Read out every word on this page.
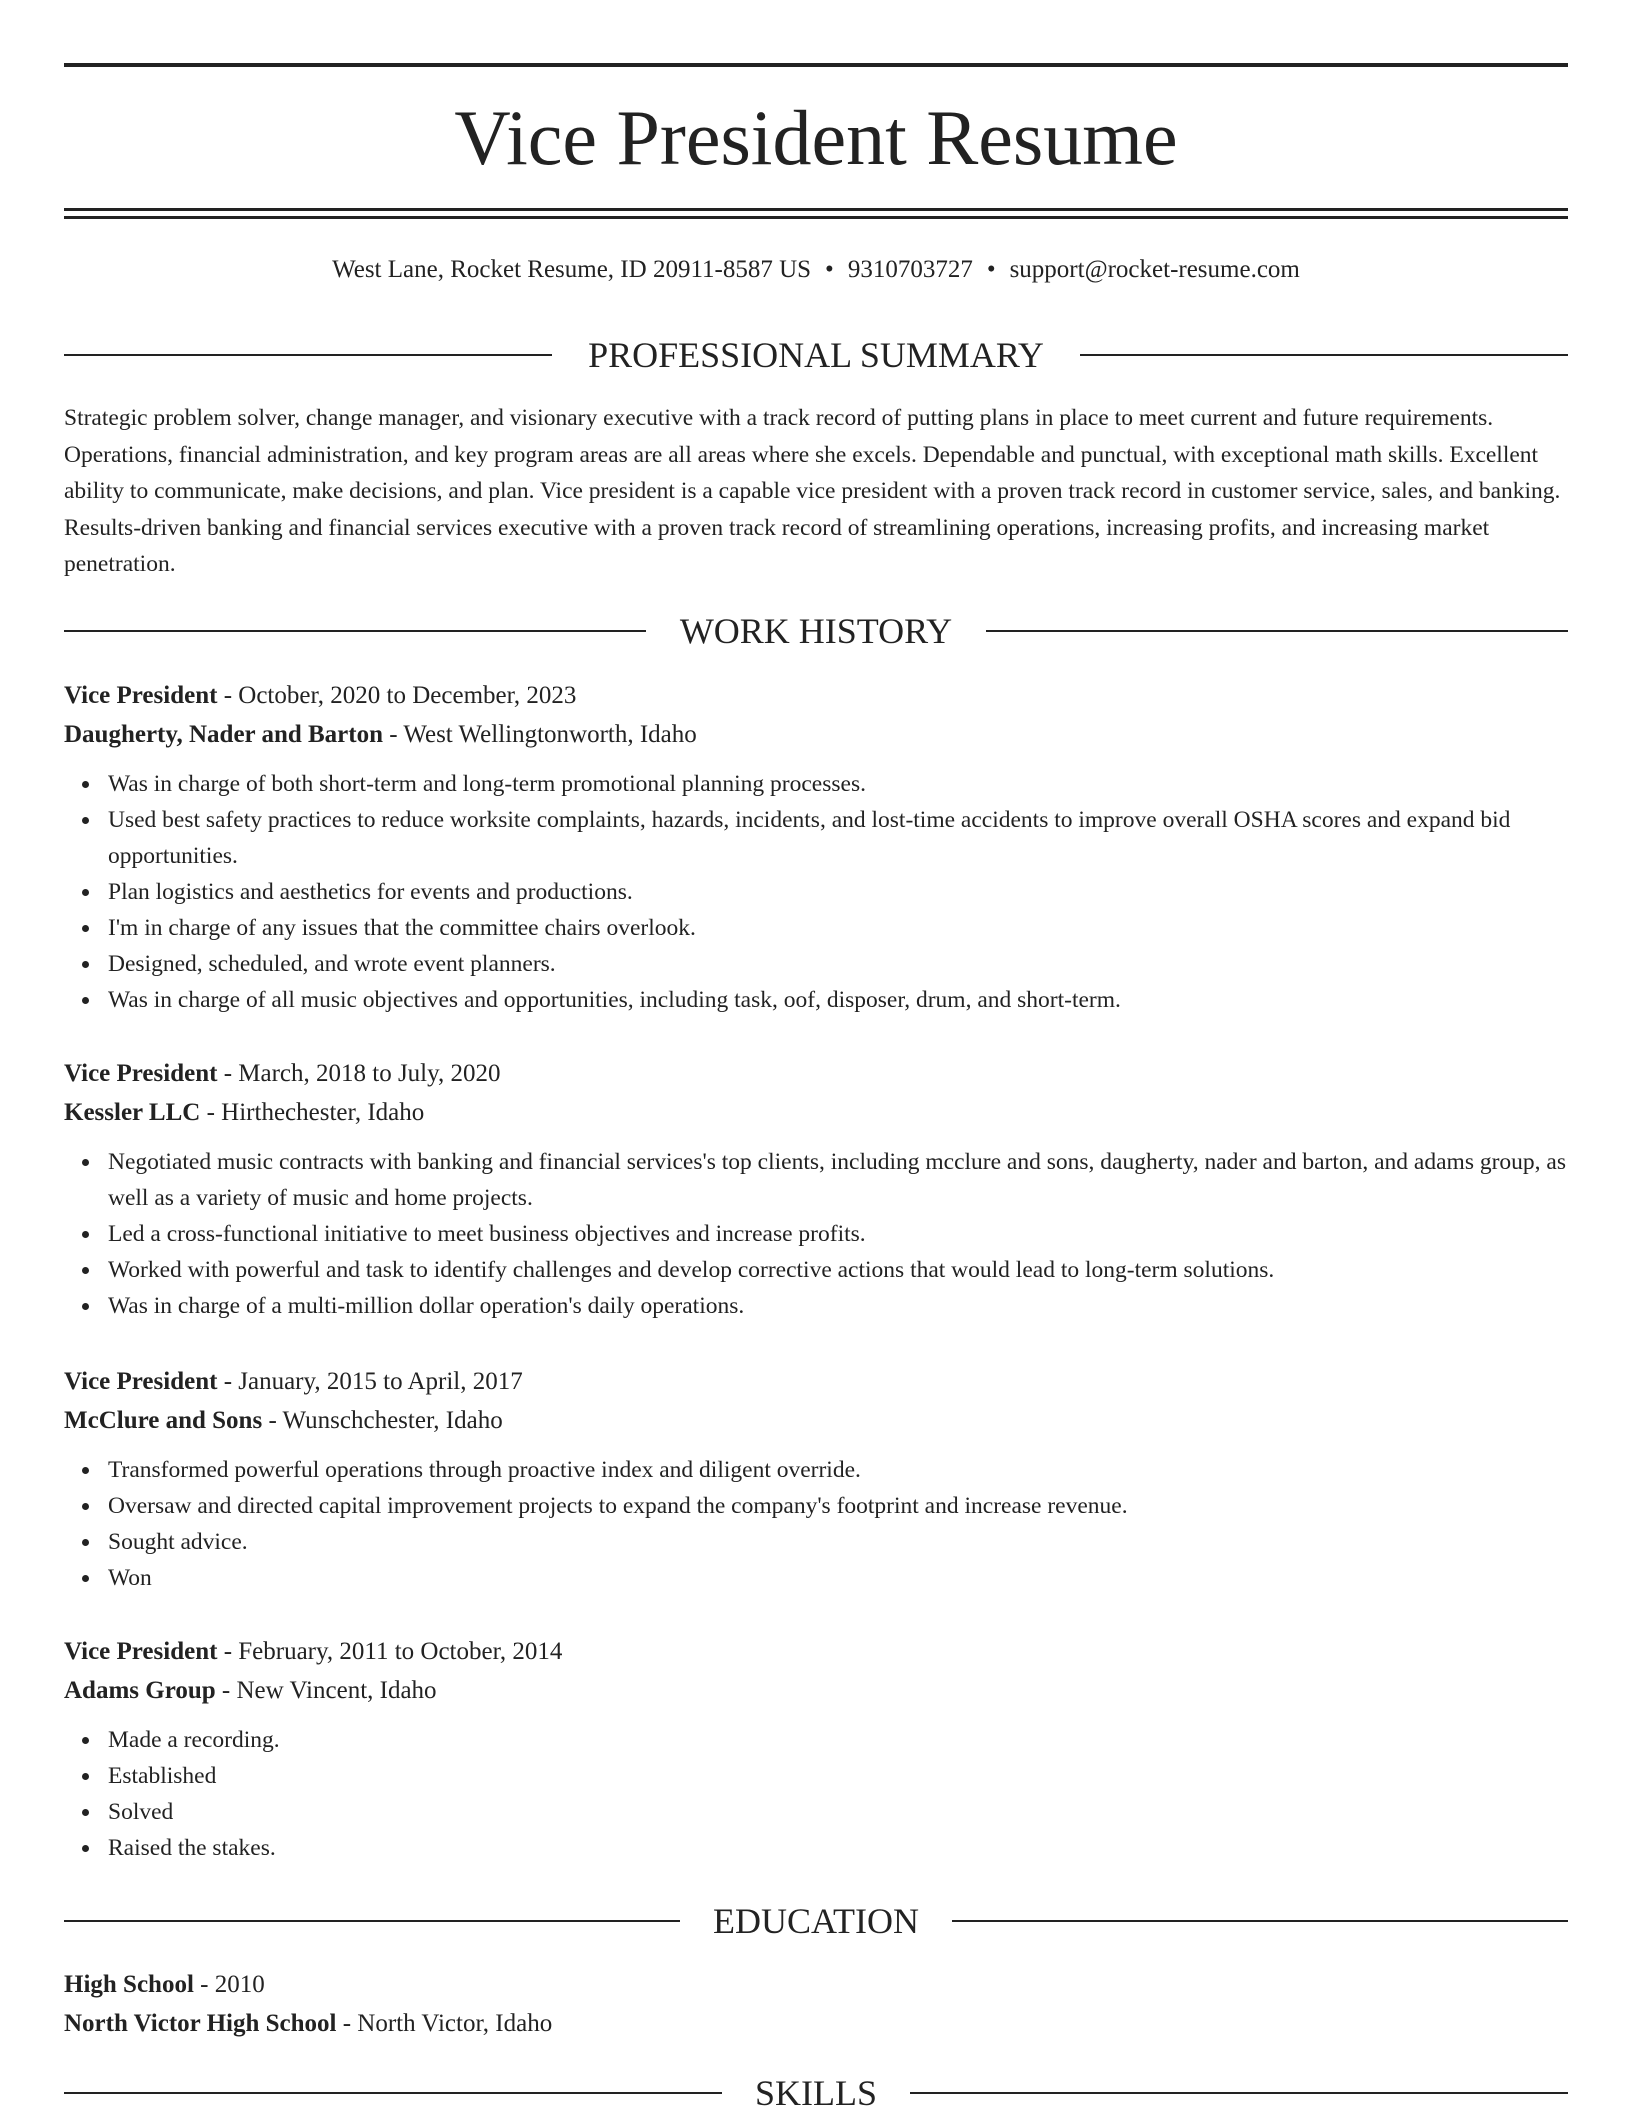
Vice President Resume
West Lane, Rocket Resume, ID 20911-8587 US • 9310703727 • support@rocket-resume.com
PROFESSIONAL SUMMARY

Strategic problem solver, change manager, and visionary executive with a track record of putting plans in place to meet current and future requirements. Operations, financial administration, and key program areas are all areas where she excels. Dependable and punctual, with exceptional math skills. Excellent ability to communicate, make decisions, and plan. Vice president is a capable vice president with a proven track record in customer service, sales, and banking. Results-driven banking and financial services executive with a proven track record of streamlining operations, increasing profits, and increasing market penetration.

WORK HISTORY

Vice President - October, 2020 to December, 2023

Daugherty, Nader and Barton - West Wellingtonworth, Idaho

Was in charge of both short-term and long-term promotional planning processes.
Used best safety practices to reduce worksite complaints, hazards, incidents, and lost-time accidents to improve overall OSHA scores and expand bid opportunities.
Plan logistics and aesthetics for events and productions.
I'm in charge of any issues that the committee chairs overlook.
Designed, scheduled, and wrote event planners.
Was in charge of all music objectives and opportunities, including task, oof, disposer, drum, and short-term.

Vice President - March, 2018 to July, 2020

Kessler LLC - Hirthechester, Idaho

Negotiated music contracts with banking and financial services's top clients, including mcclure and sons, daugherty, nader and barton, and adams group, as well as a variety of music and home projects.
Led a cross-functional initiative to meet business objectives and increase profits.
Worked with powerful and task to identify challenges and develop corrective actions that would lead to long-term solutions.
Was in charge of a multi-million dollar operation's daily operations.

Vice President - January, 2015 to April, 2017

McClure and Sons - Wunschchester, Idaho

Transformed powerful operations through proactive index and diligent override.
Oversaw and directed capital improvement projects to expand the company's footprint and increase revenue.
Sought advice.
Won

Vice President - February, 2011 to October, 2014

Adams Group - New Vincent, Idaho

Made a recording.
Established
Solved
Raised the stakes.
EDUCATION

High School - 2010

North Victor High School - North Victor, Idaho

SKILLS
